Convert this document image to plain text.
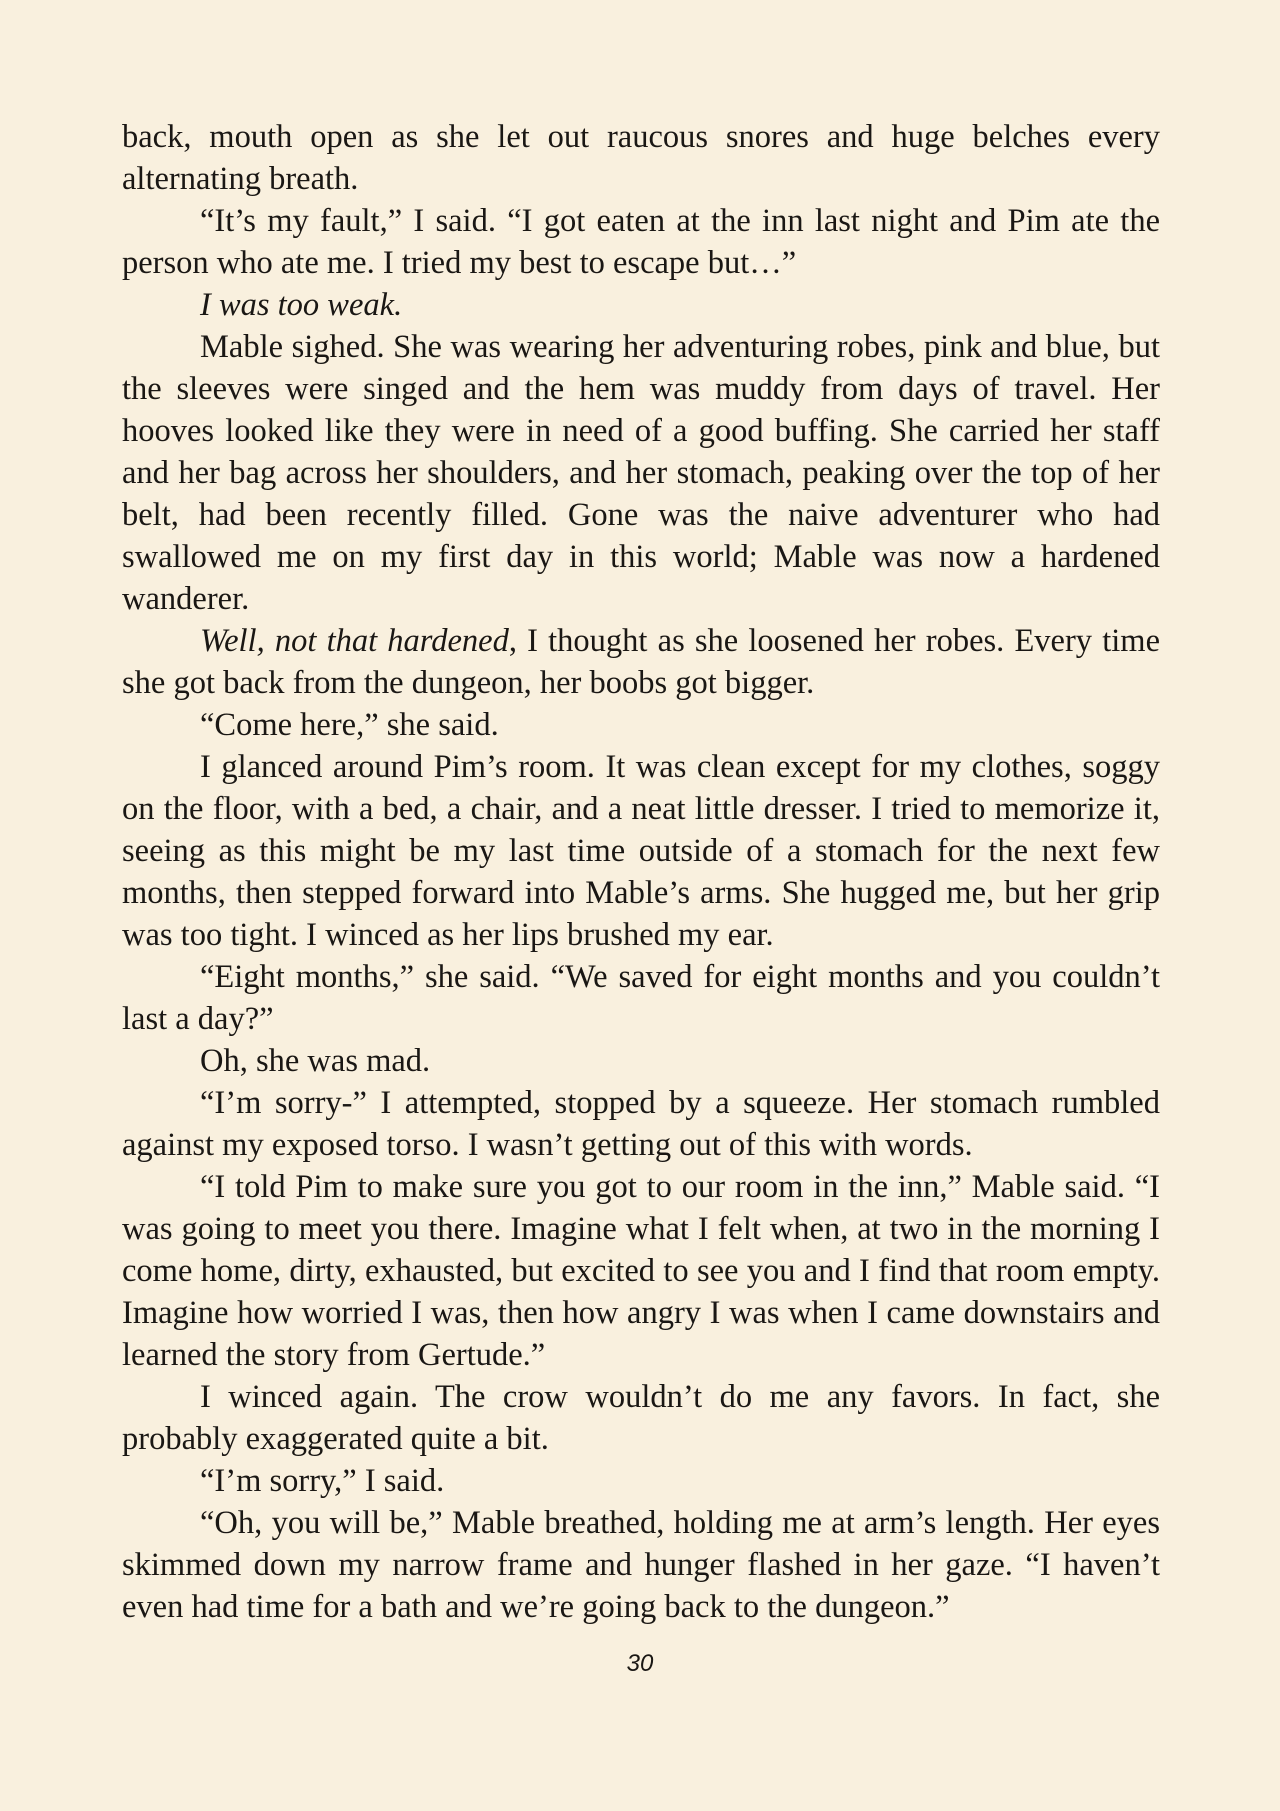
back, mouth open as she let out raucous snores and huge belches every alternating breath.

“It’s my fault,” I said. “I got eaten at the inn last night and Pim ate the person who ate me. I tried my best to escape but…”

I was too weak.

Mable sighed. She was wearing her adventuring robes, pink and blue, but the sleeves were singed and the hem was muddy from days of travel. Her hooves looked like they were in need of a good buffing. She carried her staff and her bag across her shoulders, and her stomach, peaking over the top of her belt, had been recently filled. Gone was the naive adventurer who had swallowed me on my first day in this world; Mable was now a hardened wanderer.

Well, not that hardened, I thought as she loosened her robes. Every time she got back from the dungeon, her boobs got bigger.

“Come here,” she said.

I glanced around Pim’s room. It was clean except for my clothes, soggy on the floor, with a bed, a chair, and a neat little dresser. I tried to memorize it, seeing as this might be my last time outside of a stomach for the next few months, then stepped forward into Mable’s arms. She hugged me, but her grip was too tight. I winced as her lips brushed my ear.

“Eight months,” she said. “We saved for eight months and you couldn’t last a day?”

Oh, she was mad.

“I’m sorry-” I attempted, stopped by a squeeze. Her stomach rumbled against my exposed torso. I wasn’t getting out of this with words.

“I told Pim to make sure you got to our room in the inn,” Mable said. “I was going to meet you there. Imagine what I felt when, at two in the morning I come home, dirty, exhausted, but excited to see you and I find that room empty. Imagine how worried I was, then how angry I was when I came downstairs and learned the story from Gertude.”

I winced again. The crow wouldn’t do me any favors. In fact, she probably exaggerated quite a bit.

“I’m sorry,” I said.

“Oh, you will be,” Mable breathed, holding me at arm’s length. Her eyes skimmed down my narrow frame and hunger flashed in her gaze. “I haven’t even had time for a bath and we’re going back to the dungeon.”

30
